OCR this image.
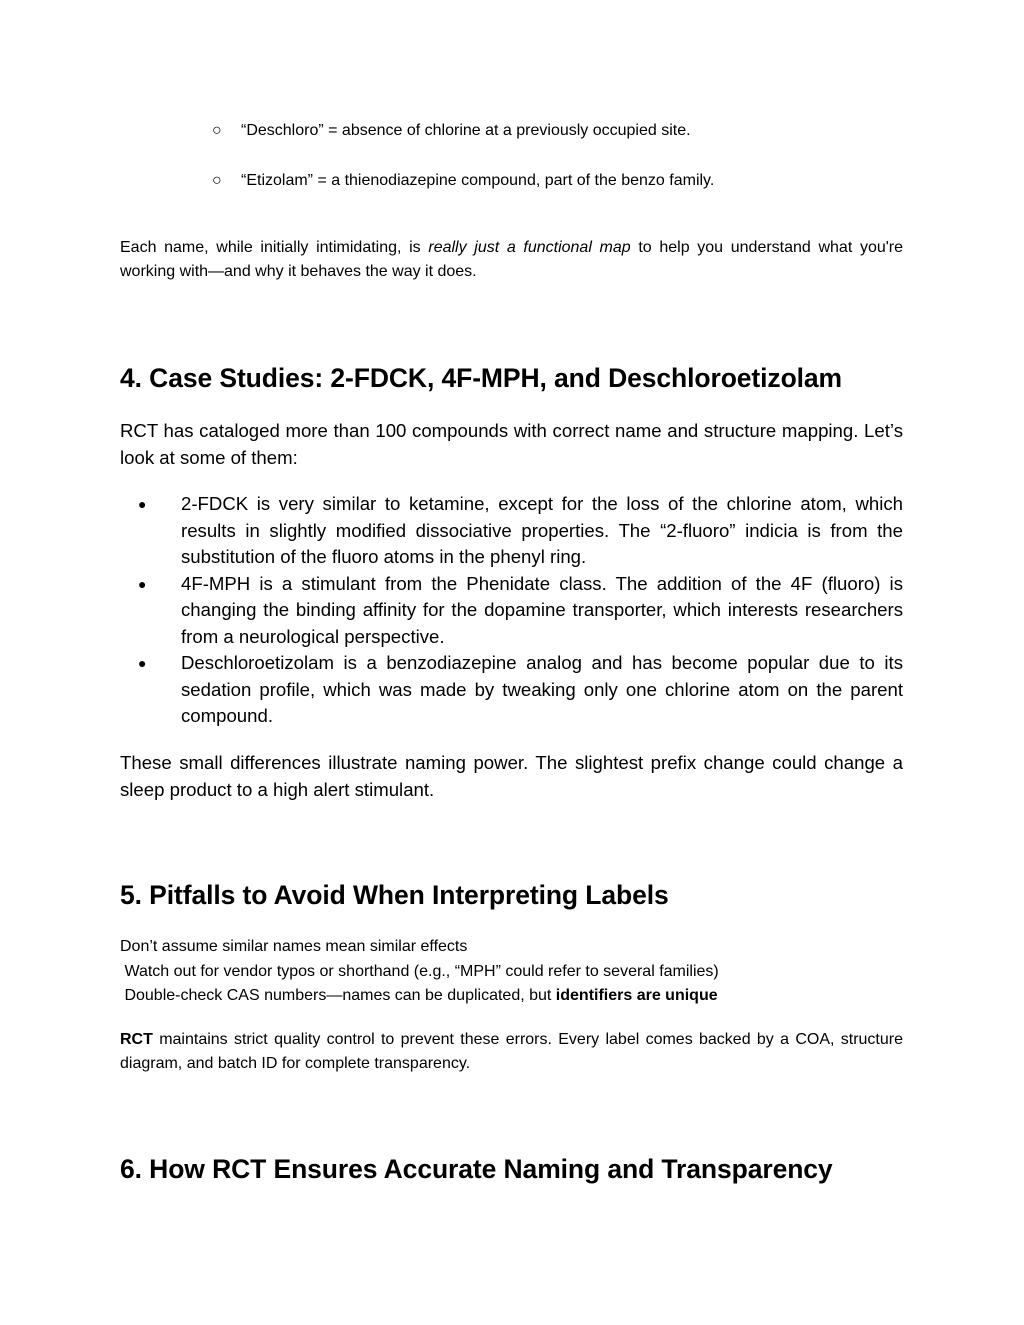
○ “Deschloro” = absence of chlorine at a previously occupied site.
○ “Etizolam” = a thienodiazepine compound, part of the benzo family.

Each name, while initially intimidating, is really just a functional map to help you understand what you're working with—and why it behaves the way it does.

4. Case Studies: 2-FDCK, 4F-MPH, and Deschloroetizolam

RCT has cataloged more than 100 compounds with correct name and structure mapping. Let’s look at some of them:

● 2-FDCK is very similar to ketamine, except for the loss of the chlorine atom, which results in slightly modified dissociative properties. The “2-fluoro” indicia is from the substitution of the fluoro atoms in the phenyl ring.
● 4F-MPH is a stimulant from the Phenidate class. The addition of the 4F (fluoro) is changing the binding affinity for the dopamine transporter, which interests researchers from a neurological perspective.
● Deschloroetizolam is a benzodiazepine analog and has become popular due to its sedation profile, which was made by tweaking only one chlorine atom on the parent compound.

These small differences illustrate naming power. The slightest prefix change could change a sleep product to a high alert stimulant.

5. Pitfalls to Avoid When Interpreting Labels
Don’t assume similar names mean similar effects
Watch out for vendor typos or shorthand (e.g., “MPH” could refer to several families)
Double-check CAS numbers—names can be duplicated, but identifiers are unique

RCT maintains strict quality control to prevent these errors. Every label comes backed by a COA, structure diagram, and batch ID for complete transparency.

6. How RCT Ensures Accurate Naming and Transparency
